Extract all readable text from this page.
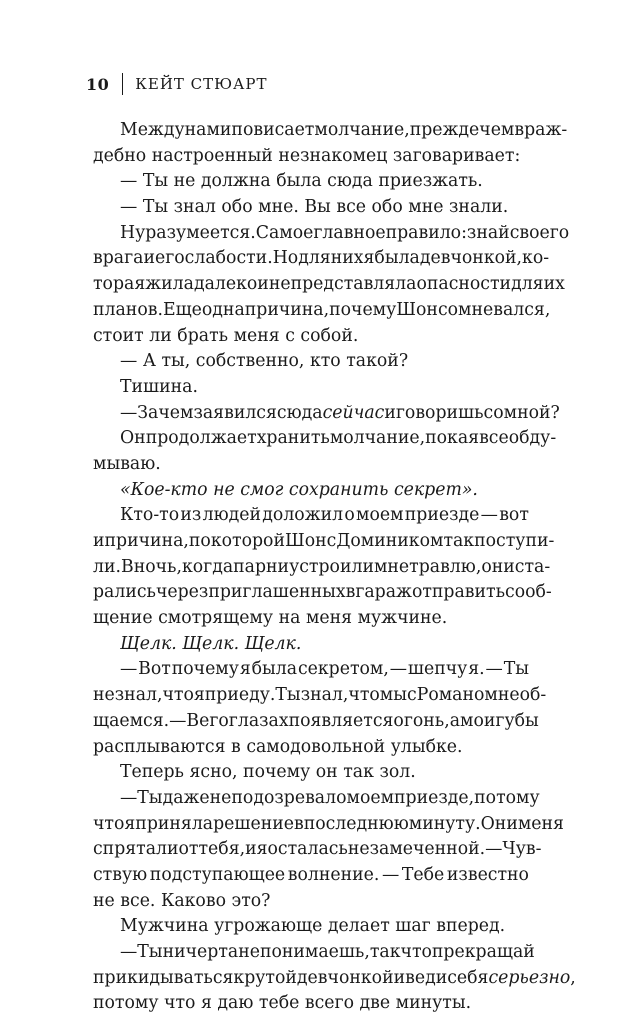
10 КЕЙТ СТЮАРТ
Между нами повисает молчание, прежде чем враж-
дебно настроенный незнакомец заговаривает:
— Ты не должна была сюда приезжать.
— Ты знал обо мне. Вы все обо мне знали.
Ну разумеется. Самое главное правило: знай своего
врага и его слабости. Но для них я была девчонкой, ко-
торая жила далеко и не представляла опасности для их
планов. Еще одна причина, почему Шон сомневался,
стоит ли брать меня с собой.
— А ты, собственно, кто такой?
Тишина.
— Зачем заявился сюда сейчас и говоришь со мной?
Он продолжает хранить молчание, пока я все обду-
мываю.
«Кое-кто не смог сохранить секрет».
Кто-то из людей доложил о моем приезде — вот
и причина, по которой Шон с Домиником так поступи-
ли. В ночь, когда парни устроили мне травлю, они ста-
рались через приглашенных в гараж отправить сооб-
щение смотрящему на меня мужчине.
Щелк. Щелк. Щелк.
— Вот почему я была секретом, — шепчу я. — Ты
не знал, что я приеду. Ты знал, что мы с Романом не об-
щаемся. — В его глазах появляется огонь, а мои губы
расплываются в самодовольной улыбке.
Теперь ясно, почему он так зол.
— Ты даже не подозревал о моем приезде, потому
что я приняла решение в последнюю минуту. Они меня
спрятали от тебя, и я осталась незамеченной. — Чув-
ствую подступающее волнение. — Тебе известно
не все. Каково это?
Мужчина угрожающе делает шаг вперед.
— Ты ни черта не понимаешь, так что прекращай
прикидываться крутой девчонкой и веди себя серьезно ,
потому что я даю тебе всего две минуты.
